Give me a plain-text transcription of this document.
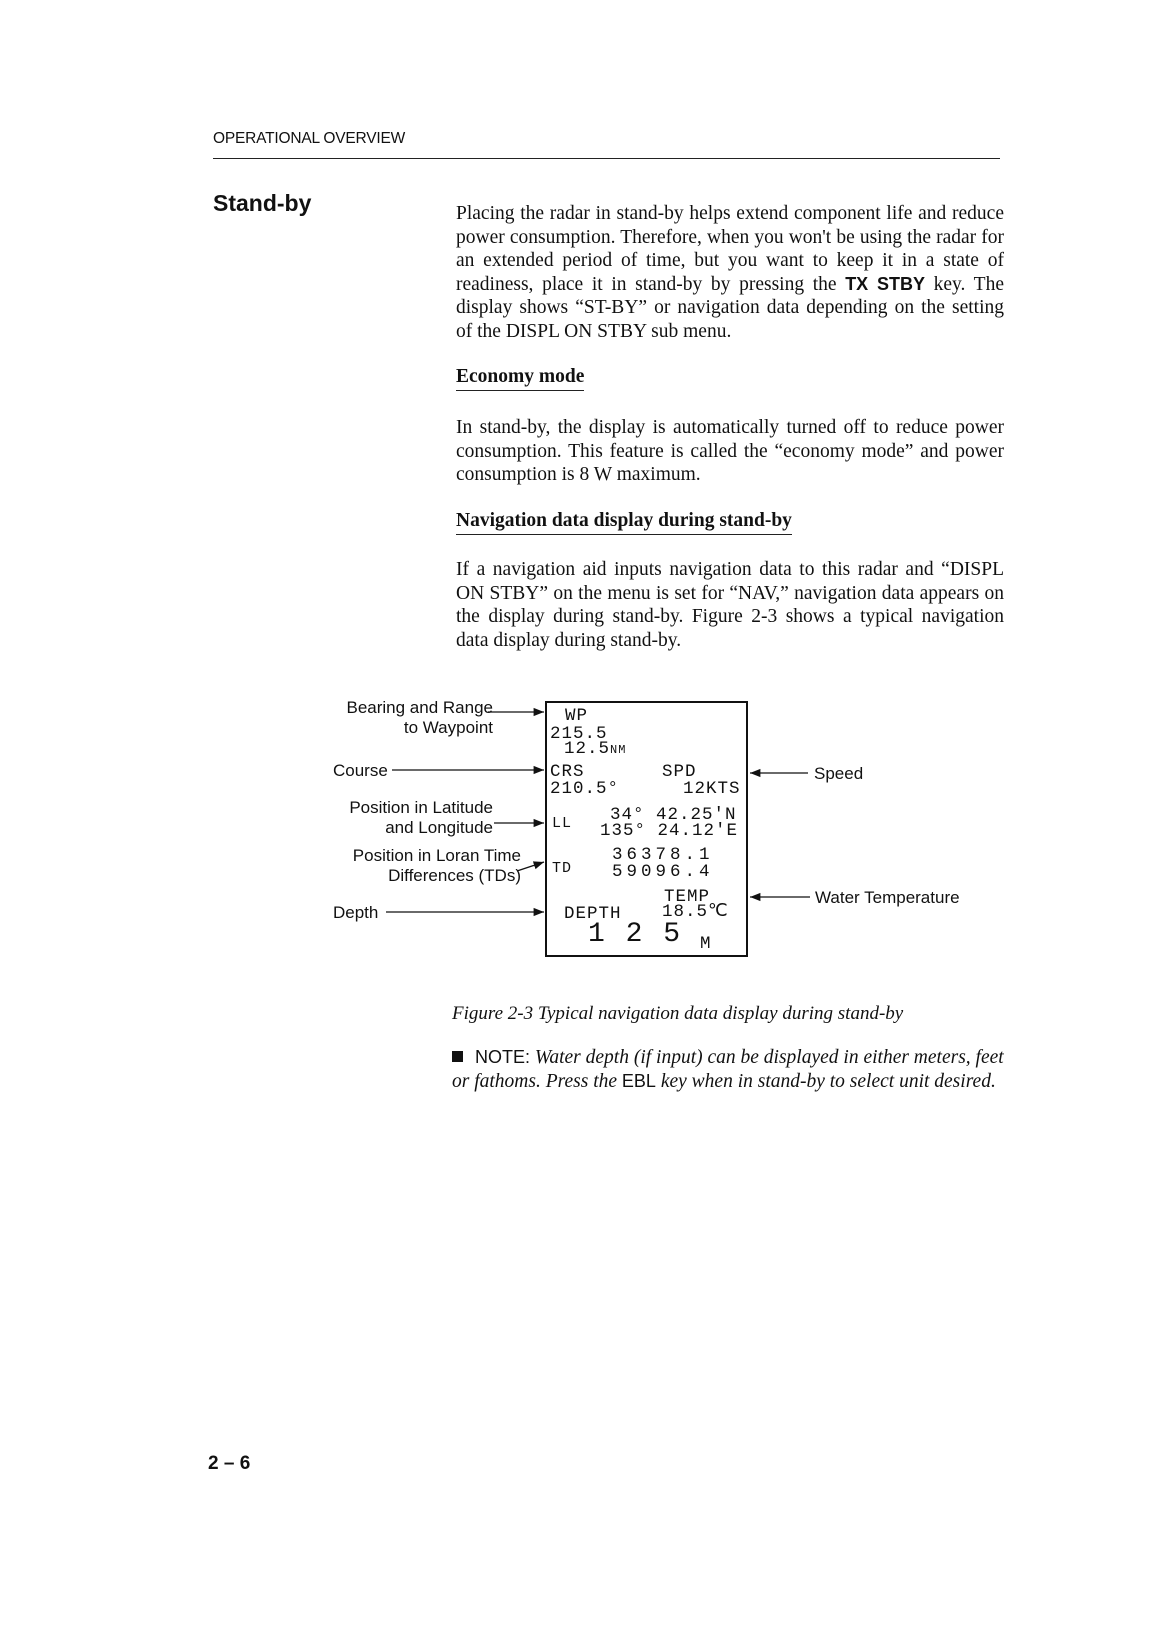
OPERATIONAL OVERVIEW
Stand-by	Placing the radar in stand-by helps extend component life and reduce power consumption. Therefore, when you won't be using the radar for an extended period of time, but you want to keep it in a state of readiness, place it in stand-by by pressing the TX STBY key. The display shows “ST-BY” or navigation data depending on the setting of the DISPL ON STBY sub menu.
Economy mode
In stand-by, the display is automatically turned off to reduce power consumption. This feature is called the “economy mode” and power consumption is 8 W maximum.
Navigation data display during stand-by
If a navigation aid inputs navigation data to this radar and “DISPL ON STBY” on the menu is set for “NAV,” navigation data appears on the display during stand-by. Figure 2-3 shows a typical navigation data display during stand-by.
Bearing and Range
to Waypoint
Course
Position in Latitude
and Longitude
Position in Loran Time
Differences (TDs)
Depth
Speed
Water Temperature
WP
215.5
12.5NM
CRS	SPD
210.5°	12KTS
LL 34° 42.25'N
135° 24.12'E
TD
36378.1
59096.4
TEMP
DEPTH 18.5℃
1 2 5 M
Figure 2-3 Typical navigation data display during stand-by
NOTE: Water depth (if input) can be displayed in either meters, feet or fathoms. Press the EBL key when in stand-by to select unit desired.
2 – 6
